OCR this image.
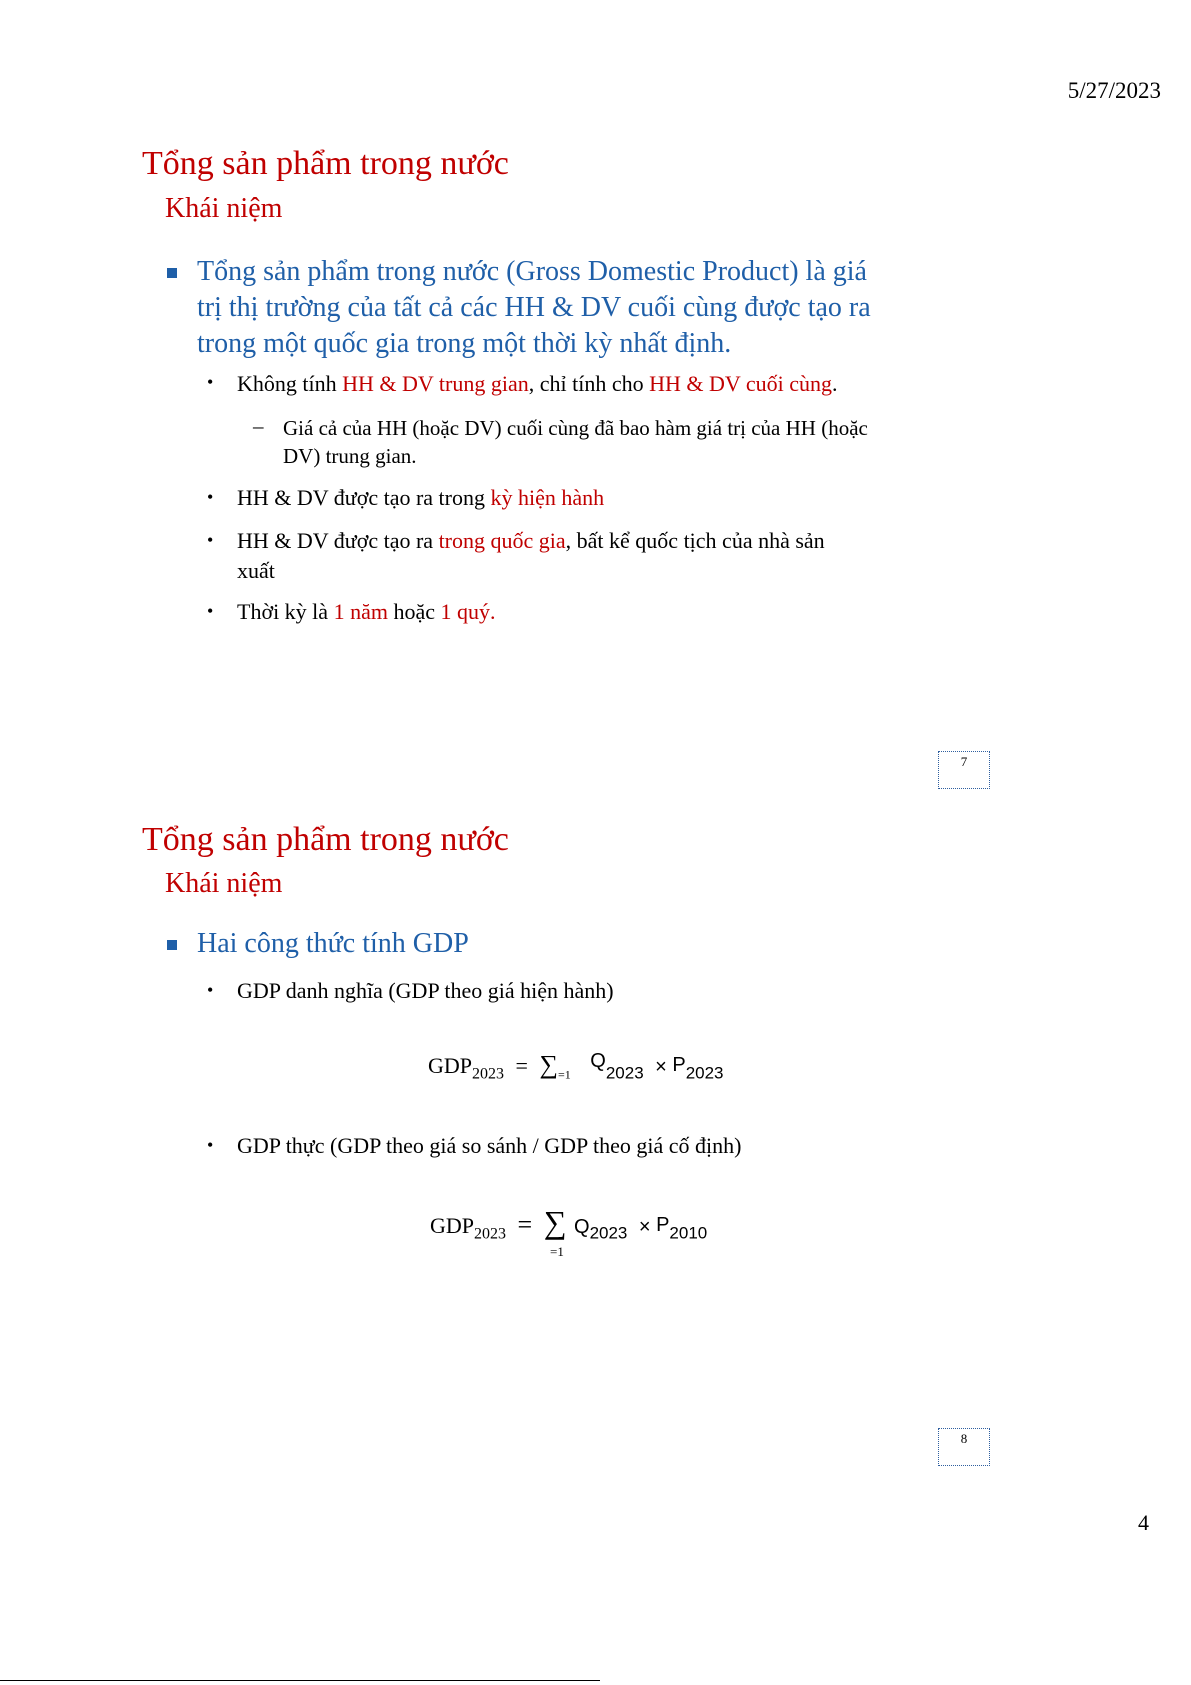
5/27/2023
Tổng sản phẩm trong nước
Khái niệm
Tổng sản phẩm trong nước (Gross Domestic Product) là giá trị thị trường của tất cả các HH & DV cuối cùng được tạo ra trong một quốc gia trong một thời kỳ nhất định.
• Không tính HH & DV trung gian, chỉ tính cho HH & DV cuối cùng.
– Giá cả của HH (hoặc DV) cuối cùng đã bao hàm giá trị của HH (hoặc DV) trung gian.
• HH & DV được tạo ra trong kỳ hiện hành
• HH & DV được tạo ra trong quốc gia, bất kể quốc tịch của nhà sản xuất
• Thời kỳ là 1 năm hoặc 1 quý.
7
Tổng sản phẩm trong nước
Khái niệm
Hai công thức tính GDP
• GDP danh nghĩa (GDP theo giá hiện hành)
$GDP_{2023} = \sum_{=1}$ $Q_{2023} \times P_{2023}$
• GDP thực (GDP theo giá so sánh / GDP theo giá cố định)
$GDP_{2023}$ = ∑ $Q_{2023} \times P_{2010}$
=1
8
4
